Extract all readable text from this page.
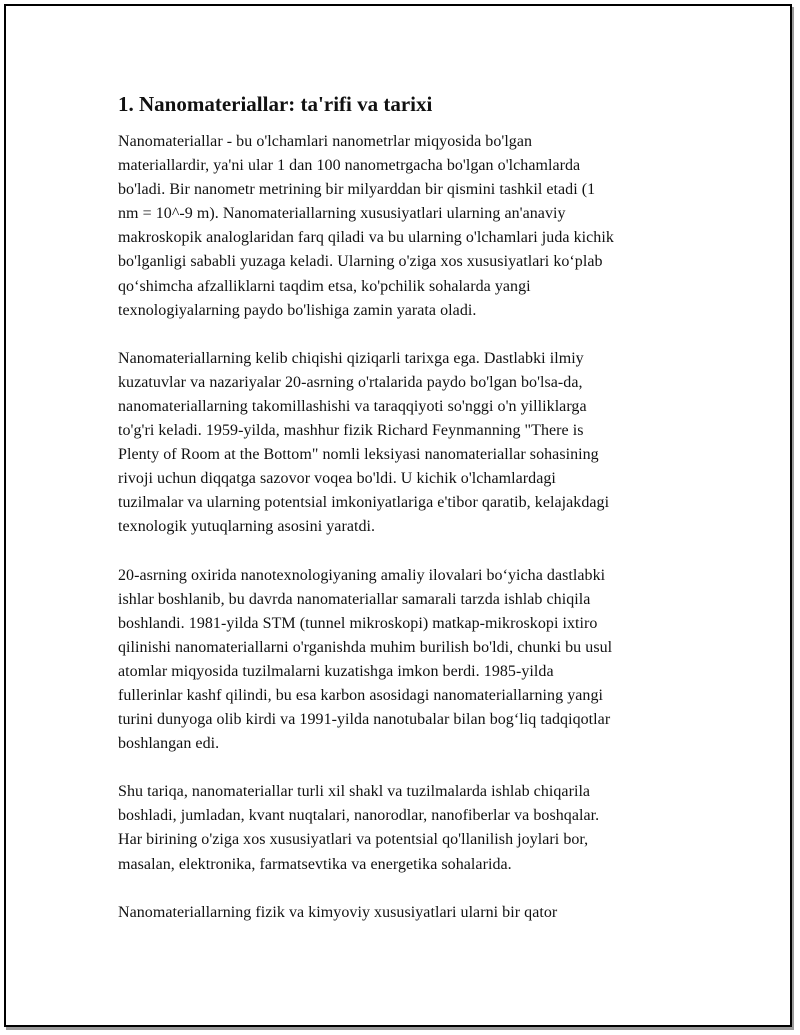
1. Nanomateriallar: ta'rifi va tarixi

Nanomateriallar - bu o'lchamlari nanometrlar miqyosida bo'lgan
materiallardir, ya'ni ular 1 dan 100 nanometrgacha bo'lgan o'lchamlarda
bo'ladi. Bir nanometr metrining bir milyarddan bir qismini tashkil etadi (1
nm = 10^-9 m). Nanomateriallarning xususiyatlari ularning an'anaviy
makroskopik analoglaridan farq qiladi va bu ularning o'lchamlari juda kichik
bo'lganligi sababli yuzaga keladi. Ularning o'ziga xos xususiyatlari ko‘plab
qo‘shimcha afzalliklarni taqdim etsa, ko'pchilik sohalarda yangi
texnologiyalarning paydo bo'lishiga zamin yarata oladi.

Nanomateriallarning kelib chiqishi qiziqarli tarixga ega. Dastlabki ilmiy
kuzatuvlar va nazariyalar 20-asrning o'rtalarida paydo bo'lgan bo'lsa-da,
nanomateriallarning takomillashishi va taraqqiyoti so'nggi o'n yilliklarga
to'g'ri keladi. 1959-yilda, mashhur fizik Richard Feynmanning "There is
Plenty of Room at the Bottom" nomli leksiyasi nanomateriallar sohasining
rivoji uchun diqqatga sazovor voqea bo'ldi. U kichik o'lchamlardagi
tuzilmalar va ularning potentsial imkoniyatlariga e'tibor qaratib, kelajakdagi
texnologik yutuqlarning asosini yaratdi.

20-asrning oxirida nanotexnologiyaning amaliy ilovalari bo‘yicha dastlabki
ishlar boshlanib, bu davrda nanomateriallar samarali tarzda ishlab chiqila
boshlandi. 1981-yilda STM (tunnel mikroskopi) matkap-mikroskopi ixtiro
qilinishi nanomateriallarni o'rganishda muhim burilish bo'ldi, chunki bu usul
atomlar miqyosida tuzilmalarni kuzatishga imkon berdi. 1985-yilda
fullerinlar kashf qilindi, bu esa karbon asosidagi nanomateriallarning yangi
turini dunyoga olib kirdi va 1991-yilda nanotubalar bilan bog‘liq tadqiqotlar
boshlangan edi.

Shu tariqa, nanomateriallar turli xil shakl va tuzilmalarda ishlab chiqarila
boshladi, jumladan, kvant nuqtalari, nanorodlar, nanofiberlar va boshqalar.
Har birining o'ziga xos xususiyatlari va potentsial qo'llanilish joylari bor,
masalan, elektronika, farmatsevtika va energetika sohalarida.

Nanomateriallarning fizik va kimyoviy xususiyatlari ularni bir qator
